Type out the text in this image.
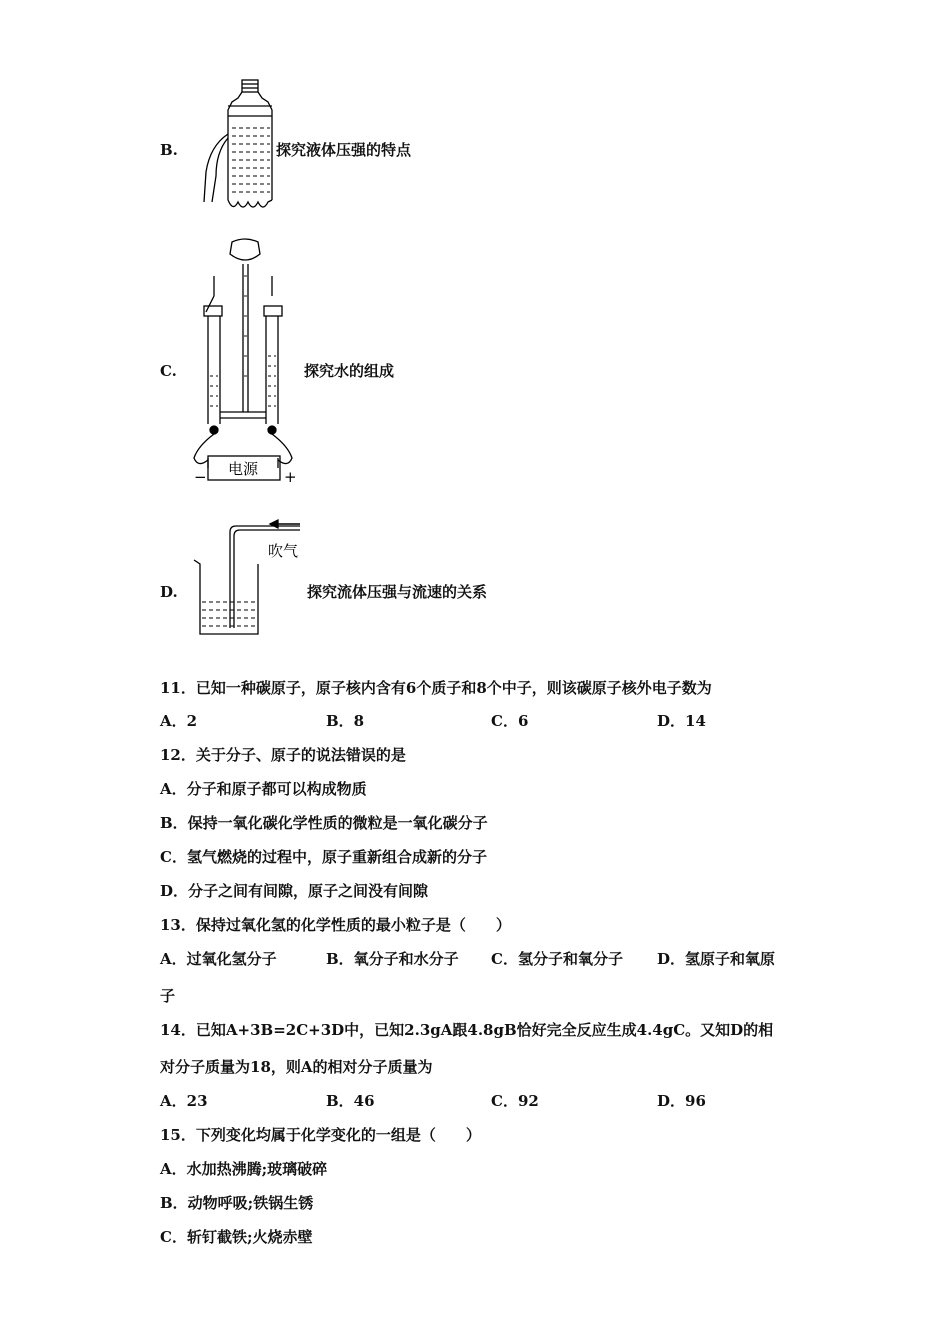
B.	探究液体压强的特点
C.
电源
−	+
探究水的组成
D.
吹气
探究流体压强与流速的关系
11．已知一种碳原子，原子核内含有6个质子和8个中子，则该碳原子核外电子数为
A．2	B．8	C．6	D．14
12．关于分子、原子的说法错误的是
A．分子和原子都可以构成物质
B．保持一氧化碳化学性质的微粒是一氧化碳分子
C．氢气燃烧的过程中，原子重新组合成新的分子
D．分子之间有间隙，原子之间没有间隙
13．保持过氧化氢的化学性质的最小粒子是（　　）
A．过氧化氢分子	B．氧分子和水分子 C．氢分子和氧分子 D．氢原子和氧原
子
14．已知A+3B=2C+3D中，已知2.3gA跟4.8gB恰好完全反应生成4.4gC。又知D的相
对分子质量为18，则A的相对分子质量为
A．23	B．46	C．92	D．96
15．下列变化均属于化学变化的一组是（　　）
A．水加热沸腾;玻璃破碎
B．动物呼吸;铁锅生锈
C．斩钉截铁;火烧赤壁
